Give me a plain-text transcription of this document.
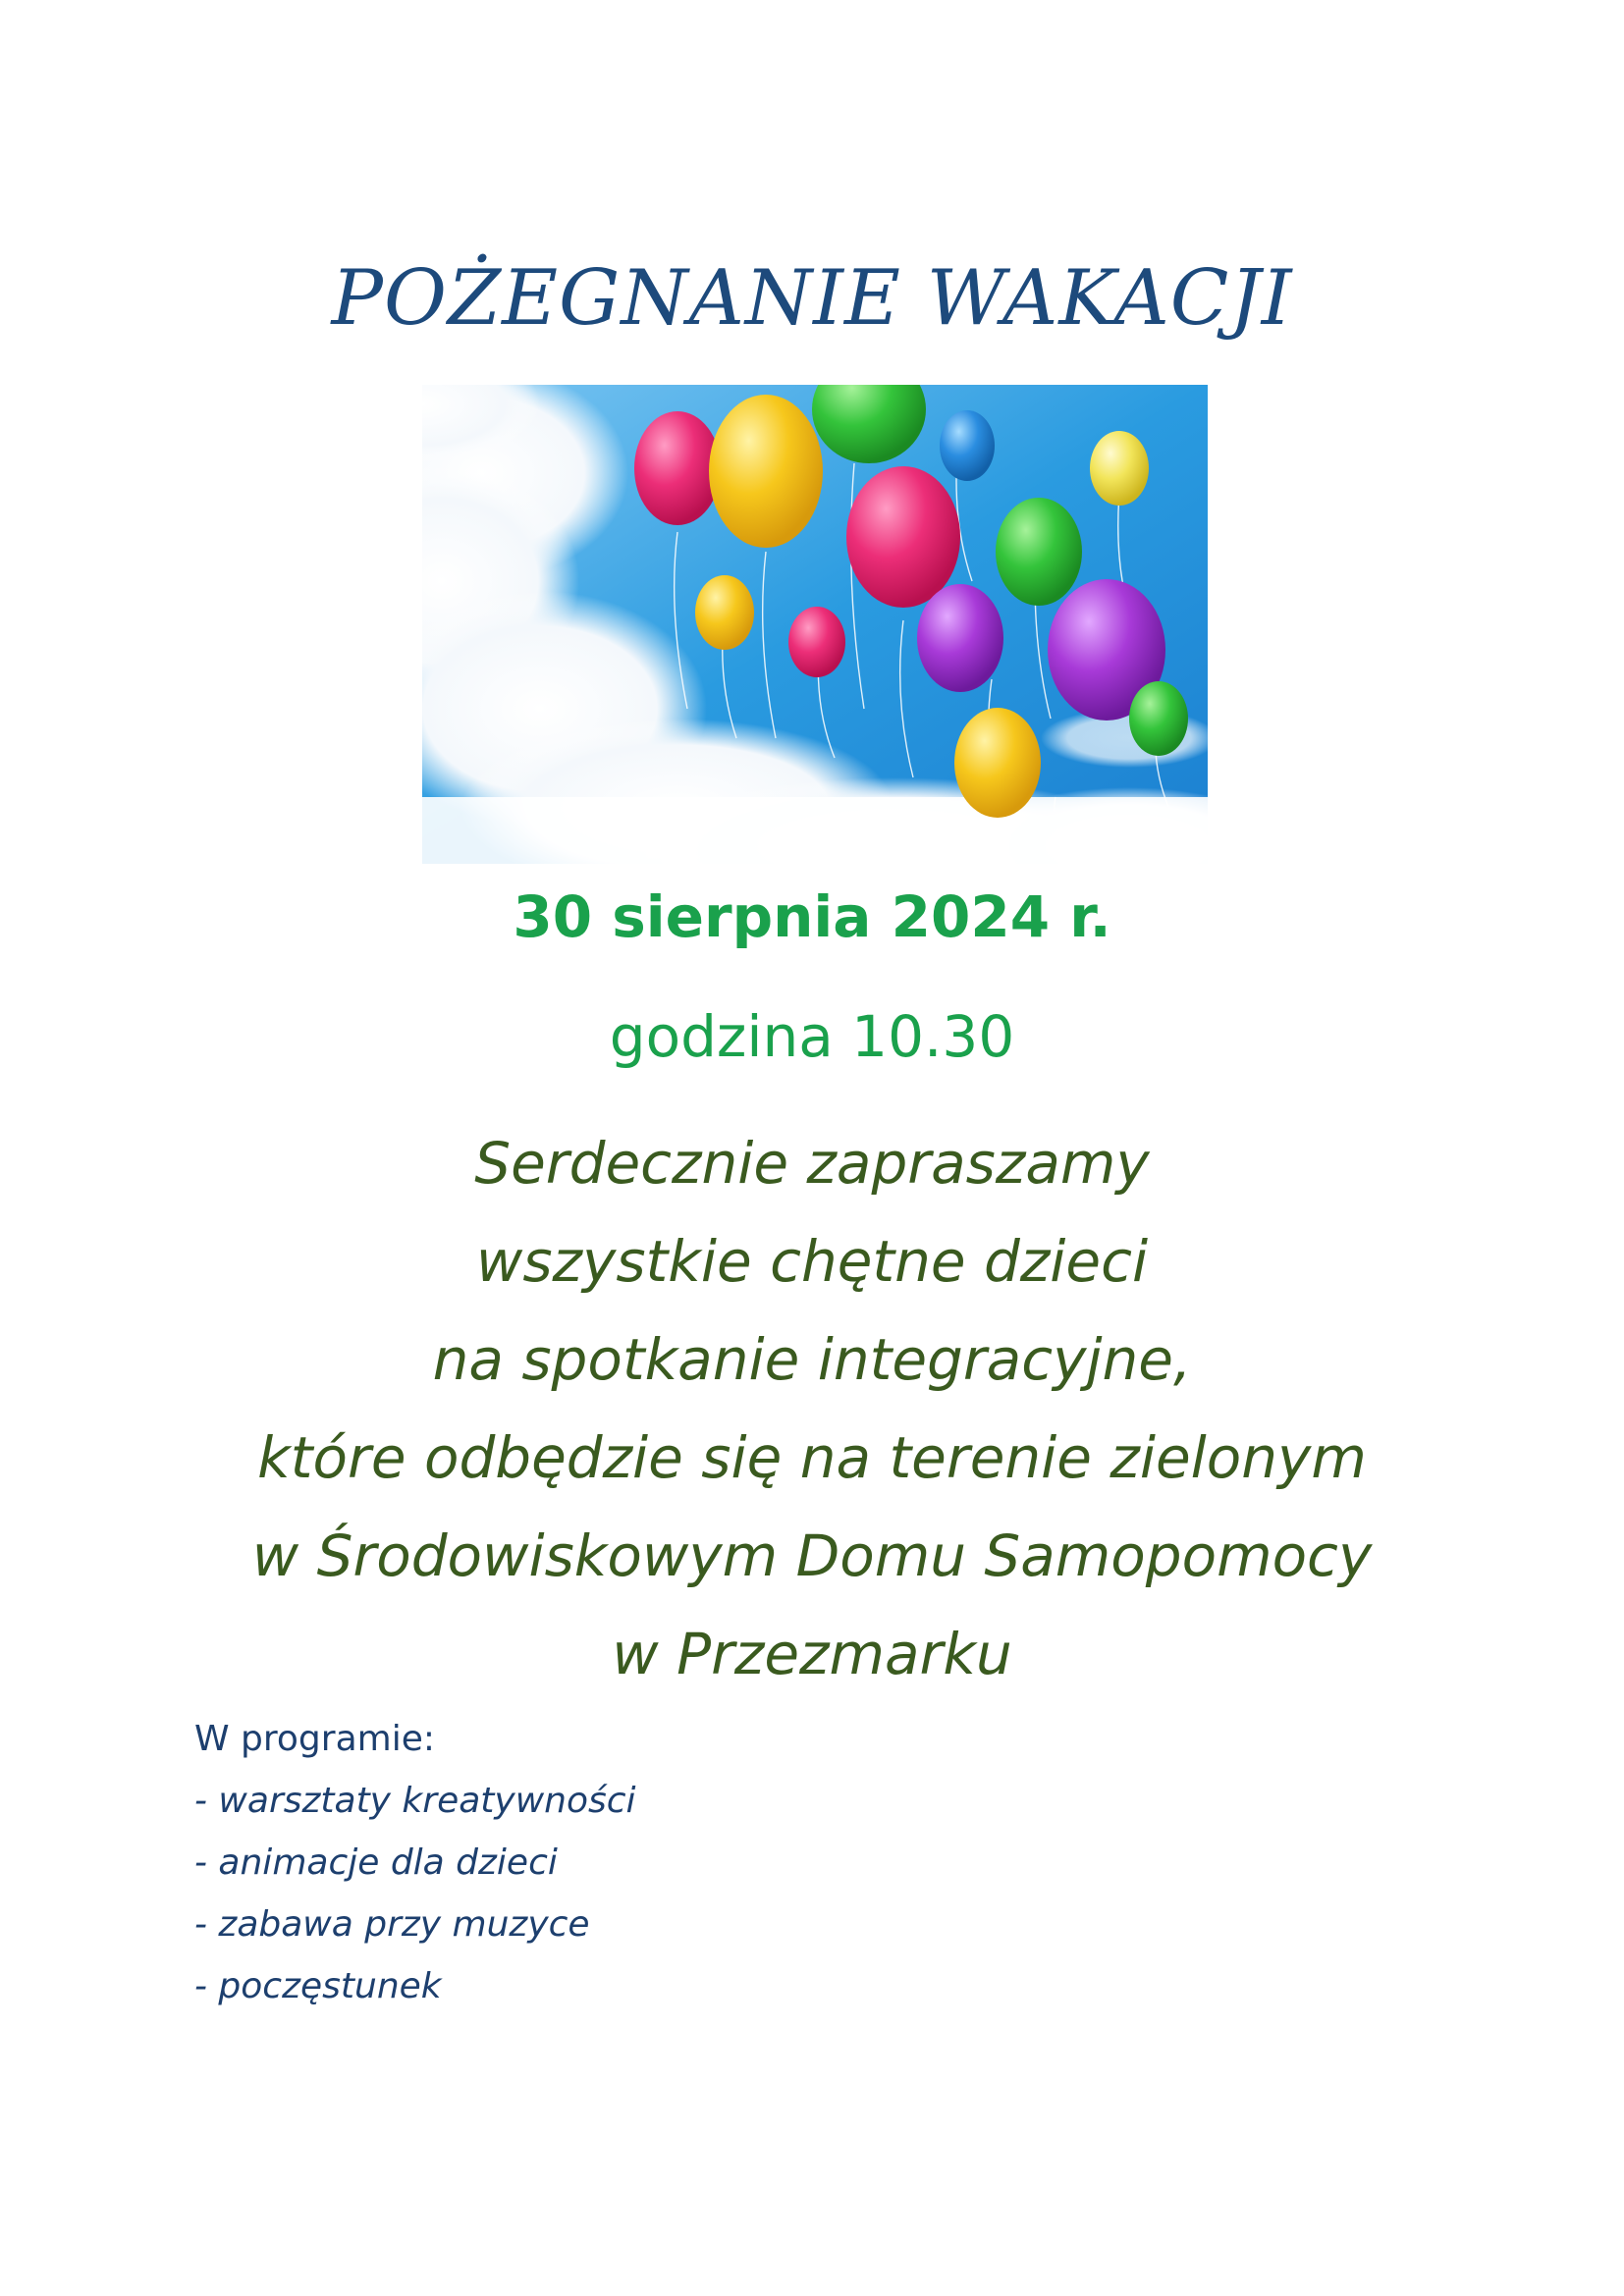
POŻEGNANIE WAKACJI
30 sierpnia 2024 r.
godzina 10.30
Serdecznie zapraszamy
wszystkie chętne dzieci
na spotkanie integracyjne,
które odbędzie się na terenie zielonym
w Środowiskowym Domu Samopomocy
w Przezmarku
W programie:
- warsztaty kreatywności
- animacje dla dzieci
- zabawa przy muzyce
- poczęstunek
